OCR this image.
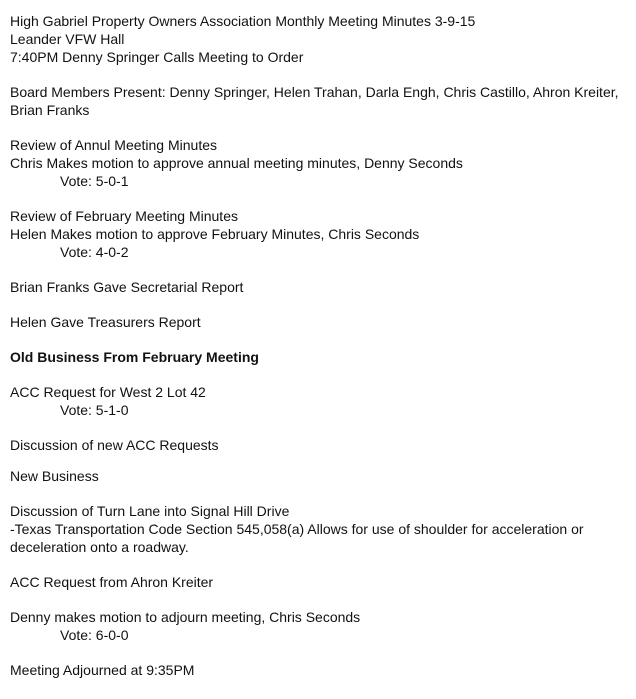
High Gabriel Property Owners Association Monthly Meeting Minutes 3-9-15
Leander VFW Hall
7:40PM Denny Springer Calls Meeting to Order
Board Members Present: Denny Springer, Helen Trahan, Darla Engh, Chris Castillo, Ahron Kreiter, Brian Franks
Review of Annul Meeting Minutes
Chris Makes motion to approve annual meeting minutes, Denny Seconds
Vote: 5-0-1
Review of February Meeting Minutes
Helen Makes motion to approve February Minutes, Chris Seconds
Vote: 4-0-2
Brian Franks Gave Secretarial Report
Helen Gave Treasurers Report
Old Business From February Meeting
ACC Request for West 2 Lot 42
Vote: 5-1-0
Discussion of new ACC Requests
New Business
Discussion of Turn Lane into Signal Hill Drive
-Texas Transportation Code Section 545,058(a) Allows for use of shoulder for acceleration or deceleration onto a roadway.
ACC Request from Ahron Kreiter
Denny makes motion to adjourn meeting, Chris Seconds
Vote: 6-0-0
Meeting Adjourned at 9:35PM
